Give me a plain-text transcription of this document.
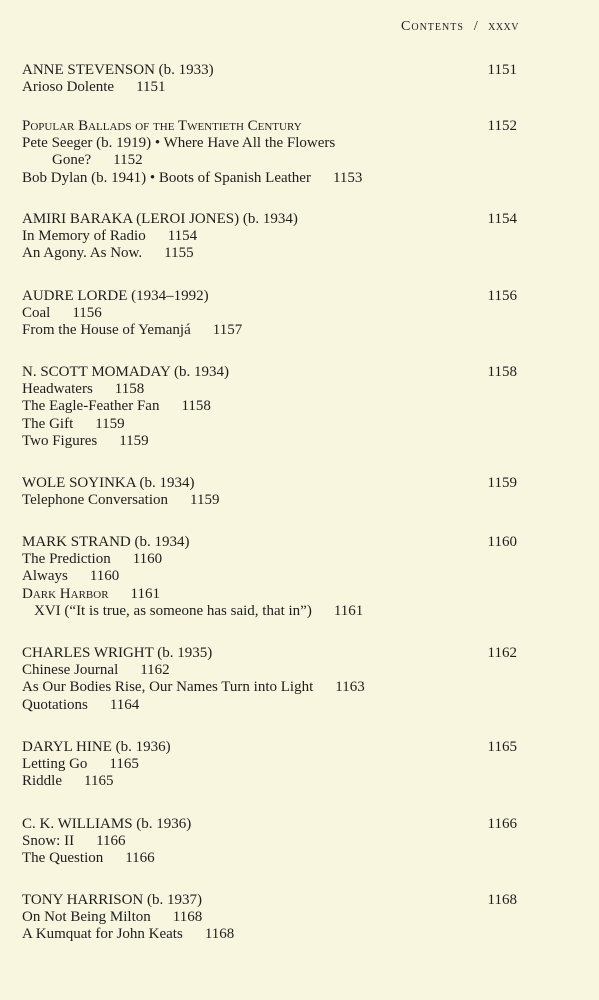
Contents / xxxv
ANNE STEVENSON (b. 1933)	1151
Arioso Dolente 1151
Popular Ballads of the Twentieth Century	1152
Pete Seeger (b. 1919) • Where Have All the Flowers
Gone? 1152
Bob Dylan (b. 1941) • Boots of Spanish Leather 1153
AMIRI BARAKA (LEROI JONES) (b. 1934)	1154
In Memory of Radio 1154
An Agony. As Now. 1155
AUDRE LORDE (1934–1992)	1156
Coal 1156
From the House of Yemanjá 1157
N. SCOTT MOMADAY (b. 1934)	1158
Headwaters 1158
The Eagle-Feather Fan 1158
The Gift 1159
Two Figures 1159
WOLE SOYINKA (b. 1934)	1159
Telephone Conversation 1159
MARK STRAND (b. 1934)	1160
The Prediction 1160
Always 1160
Dark Harbor 1161
XVI (“It is true, as someone has said, that in”) 1161
CHARLES WRIGHT (b. 1935)	1162
Chinese Journal 1162
As Our Bodies Rise, Our Names Turn into Light 1163
Quotations 1164
DARYL HINE (b. 1936)	1165
Letting Go 1165
Riddle 1165
C. K. WILLIAMS (b. 1936)	1166
Snow: II 1166
The Question 1166
TONY HARRISON (b. 1937)	1168
On Not Being Milton 1168
A Kumquat for John Keats 1168
